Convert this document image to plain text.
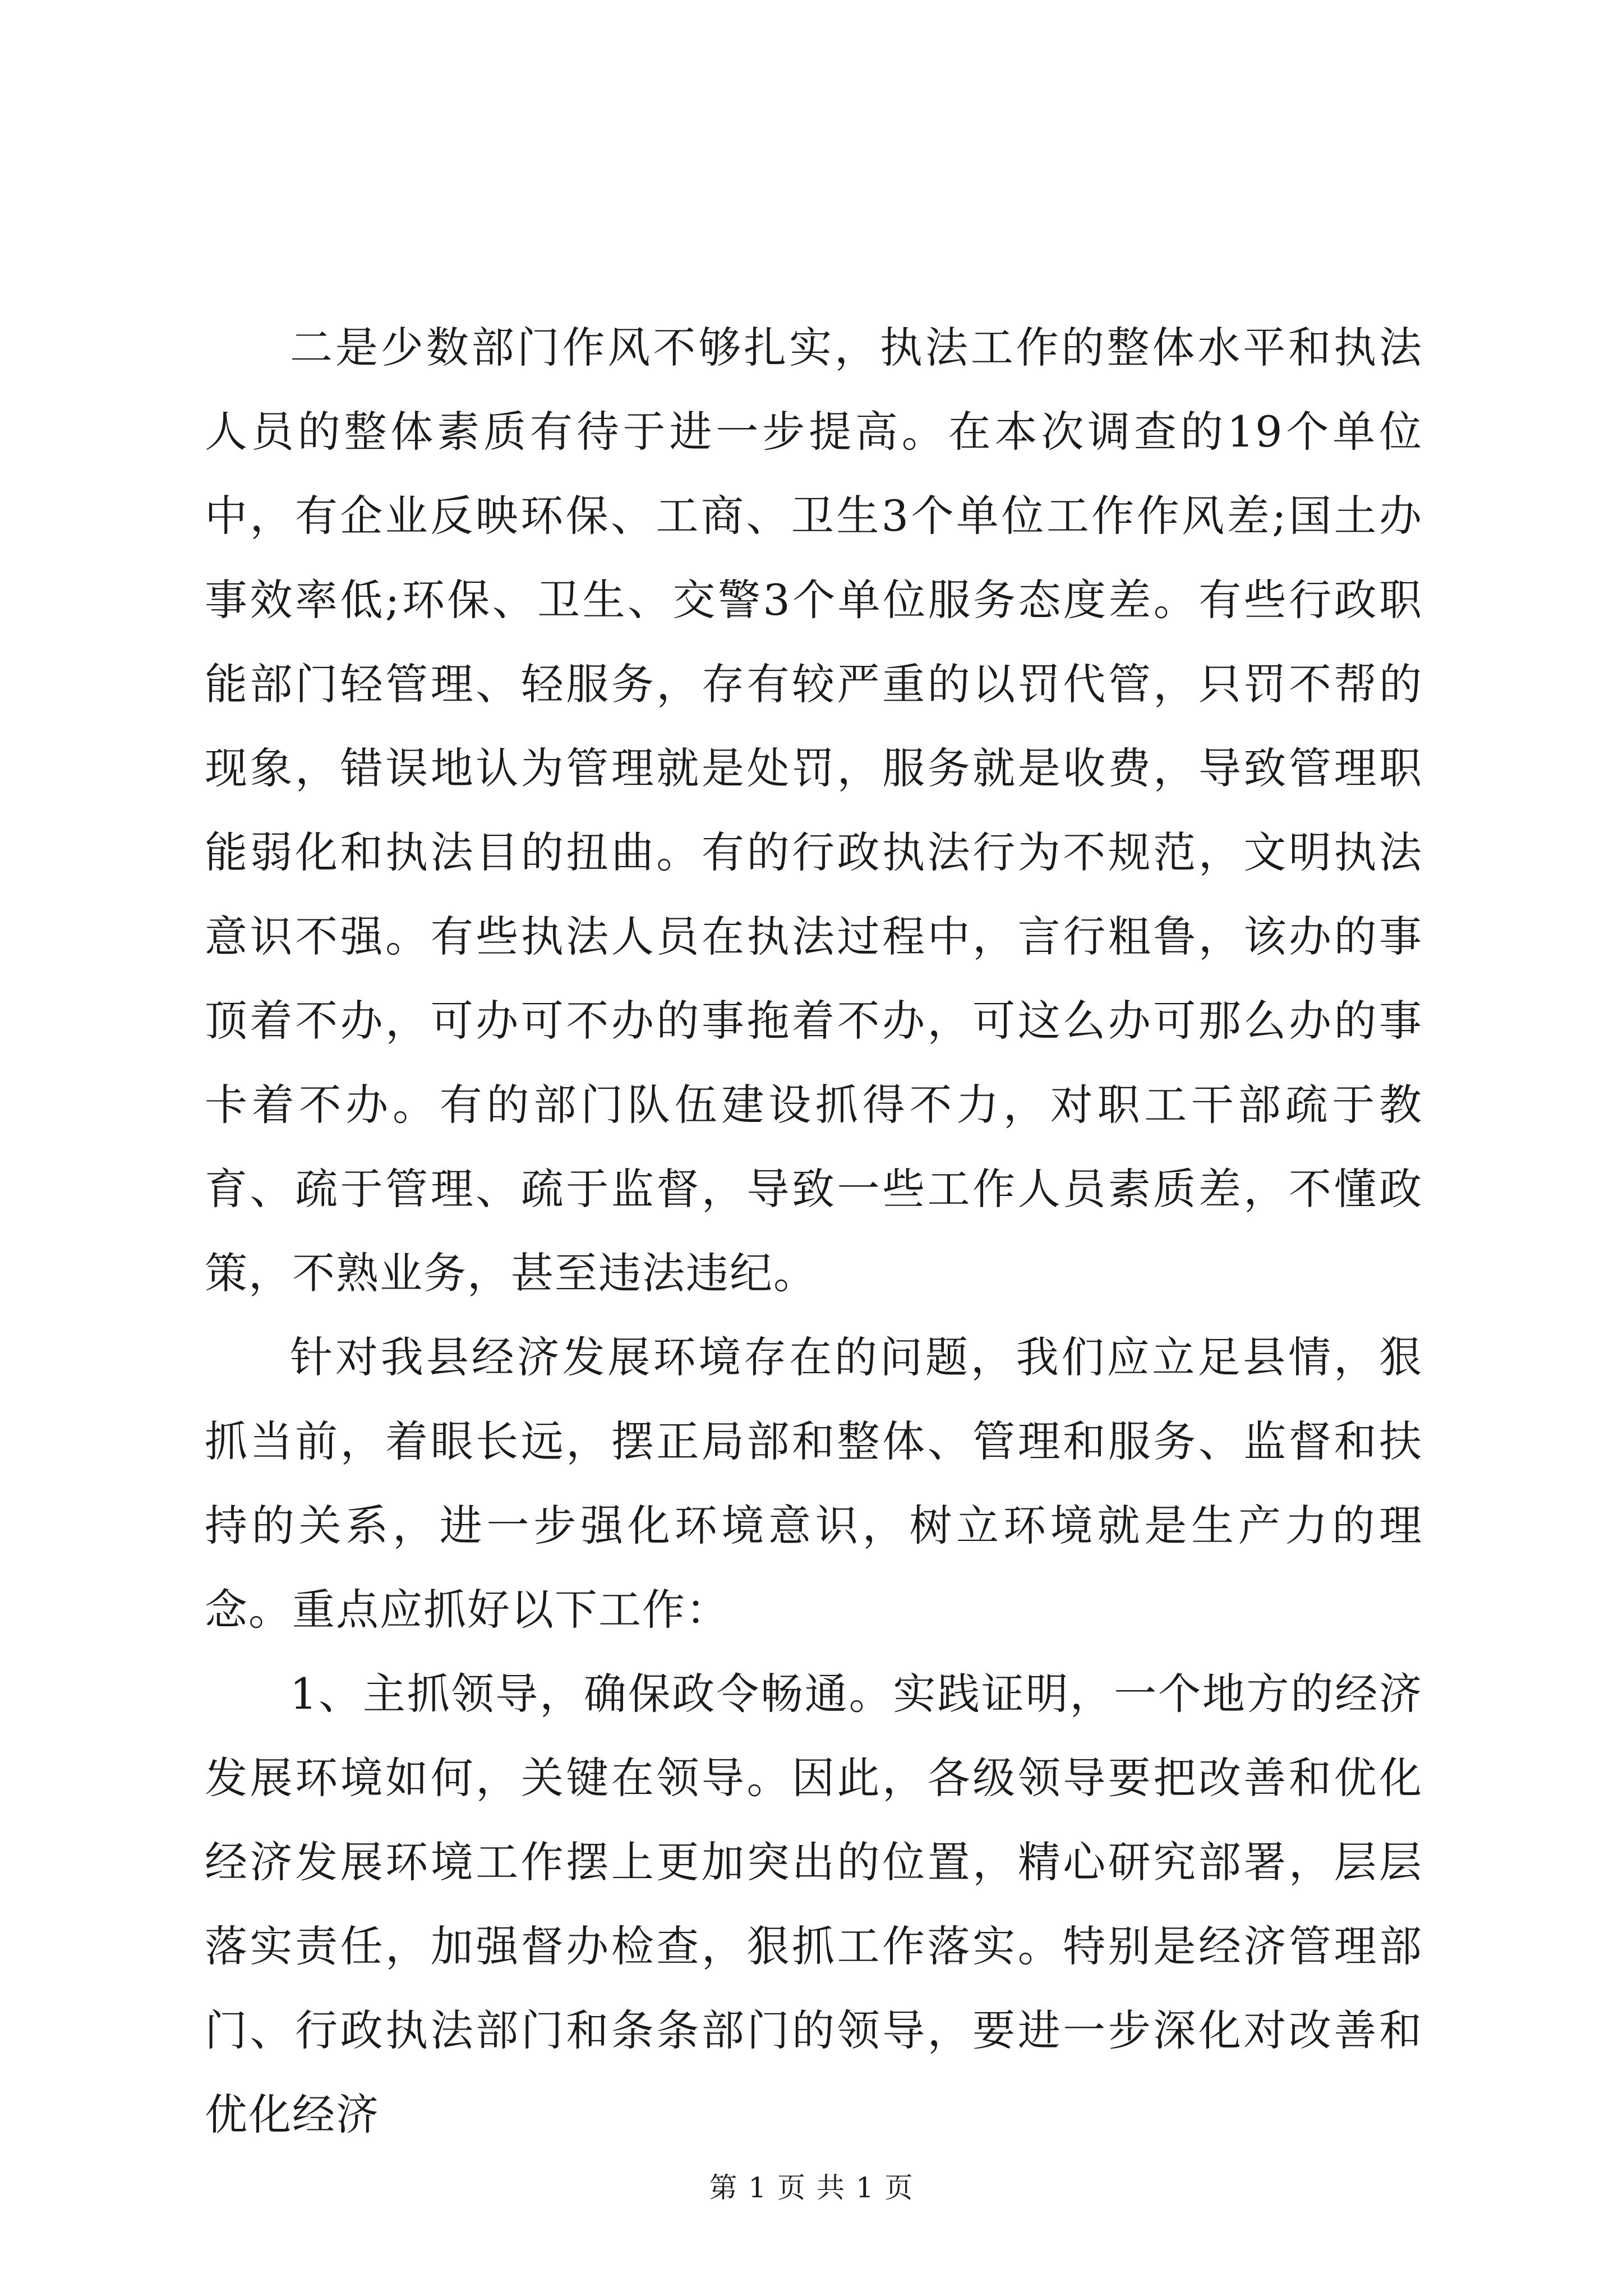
二是少数部门作风不够扎实，执法工作的整体水平和执法人员的整体素质有待于进一步提高。在本次调查的19个单位中，有企业反映环保、工商、卫生3个单位工作作风差;国土办事效率低;环保、卫生、交警3个单位服务态度差。有些行政职能部门轻管理、轻服务，存有较严重的以罚代管，只罚不帮的现象，错误地认为管理就是处罚，服务就是收费，导致管理职能弱化和执法目的扭曲。有的行政执法行为不规范，文明执法意识不强。有些执法人员在执法过程中，言行粗鲁，该办的事顶着不办，可办可不办的事拖着不办，可这么办可那么办的事卡着不办。有的部门队伍建设抓得不力，对职工干部疏于教育、疏于管理、疏于监督，导致一些工作人员素质差，不懂政策，不熟业务，甚至违法违纪。

针对我县经济发展环境存在的问题，我们应立足县情，狠抓当前，着眼长远，摆正局部和整体、管理和服务、监督和扶持的关系，进一步强化环境意识，树立环境就是生产力的理念。重点应抓好以下工作：

1、主抓领导，确保政令畅通。实践证明，一个地方的经济发展环境如何，关键在领导。因此，各级领导要把改善和优化经济发展环境工作摆上更加突出的位置，精心研究部署，层层落实责任，加强督办检查，狠抓工作落实。特别是经济管理部门、行政执法部门和条条部门的领导，要进一步深化对改善和优化经济

第 1 页 共 1 页
